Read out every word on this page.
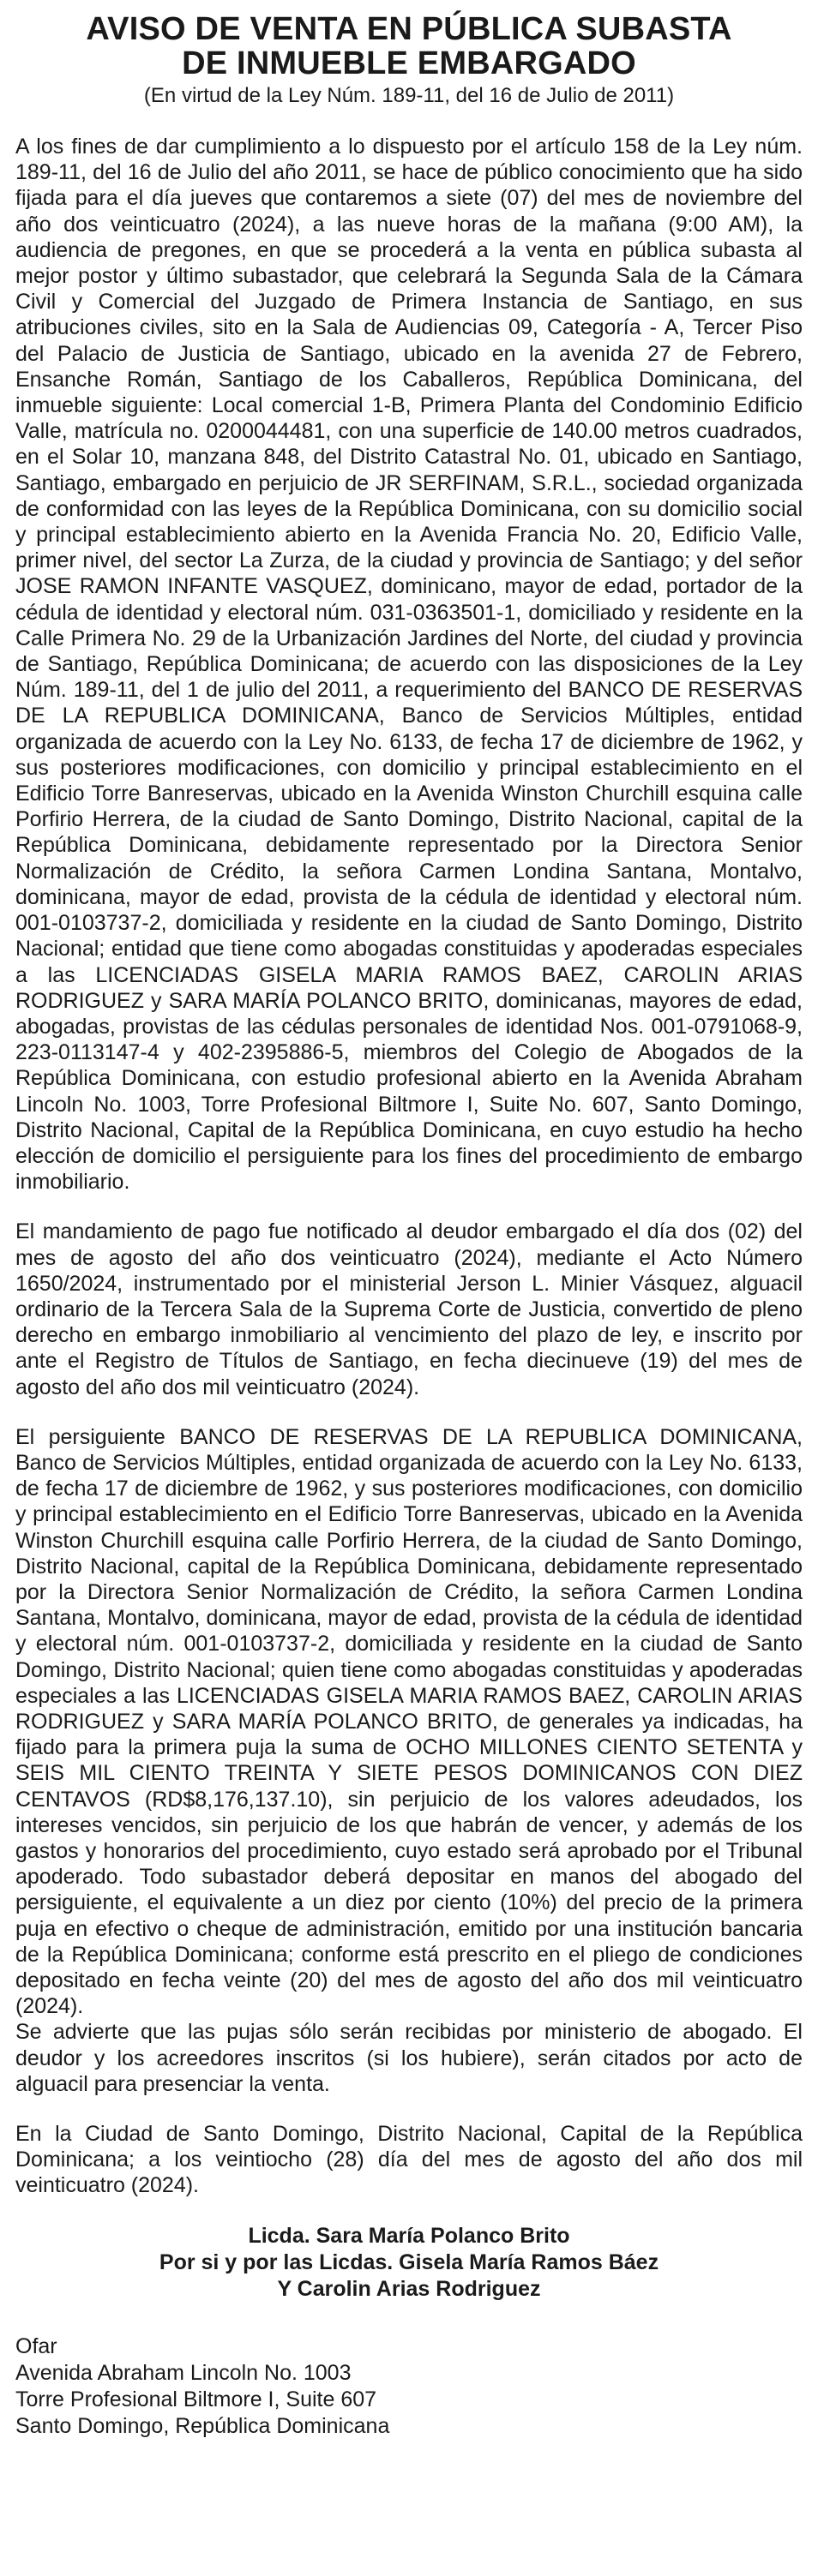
AVISO DE VENTA EN PÚBLICA SUBASTA
DE INMUEBLE EMBARGADO
(En virtud de la Ley Núm. 189-11, del 16 de Julio de 2011)

A los fines de dar cumplimiento a lo dispuesto por el artículo 158 de la Ley núm. 189-11, del 16 de Julio del año 2011, se hace de público conocimiento que ha sido fijada para el día jueves que contaremos a siete (07) del mes de noviembre del año dos veinticuatro (2024), a las nueve horas de la mañana (9:00 AM), la audiencia de pregones, en que se procederá a la venta en pública subasta al mejor postor y último subastador, que celebrará la Segunda Sala de la Cámara Civil y Comercial del Juzgado de Primera Instancia de Santiago, en sus atribuciones civiles, sito en la Sala de Audiencias 09, Categoría - A, Tercer Piso del Palacio de Justicia de Santiago, ubicado en la avenida 27 de Febrero, Ensanche Román, Santiago de los Caballeros, República Dominicana, del inmueble siguiente: Local comercial 1-B, Primera Planta del Condominio Edificio Valle, matrícula no. 0200044481, con una superficie de 140.00 metros cuadrados, en el Solar 10, manzana 848, del Distrito Catastral No. 01, ubicado en Santiago, Santiago, embargado en perjuicio de JR SERFINAM, S.R.L., sociedad organizada de conformidad con las leyes de la República Dominicana, con su domicilio social y principal establecimiento abierto en la Avenida Francia No. 20, Edificio Valle, primer nivel, del sector La Zurza, de la ciudad y provincia de Santiago; y del señor JOSE RAMON INFANTE VASQUEZ, dominicano, mayor de edad, portador de la cédula de identidad y electoral núm. 031-0363501-1, domiciliado y residente en la Calle Primera No. 29 de la Urbanización Jardines del Norte, del ciudad y provincia de Santiago, República Dominicana; de acuerdo con las disposiciones de la Ley Núm. 189-11, del 1 de julio del 2011, a requerimiento del BANCO DE RESERVAS DE LA REPUBLICA DOMINICANA, Banco de Servicios Múltiples, entidad organizada de acuerdo con la Ley No. 6133, de fecha 17 de diciembre de 1962, y sus posteriores modificaciones, con domicilio y principal establecimiento en el Edificio Torre Banreservas, ubicado en la Avenida Winston Churchill esquina calle Porfirio Herrera, de la ciudad de Santo Domingo, Distrito Nacional, capital de la República Dominicana, debidamente representado por la Directora Senior Normalización de Crédito, la señora Carmen Londina Santana, Montalvo, dominicana, mayor de edad, provista de la cédula de identidad y electoral núm. 001-0103737-2, domiciliada y residente en la ciudad de Santo Domingo, Distrito Nacional; entidad que tiene como abogadas constituidas y apoderadas especiales a las LICENCIADAS GISELA MARIA RAMOS BAEZ, CAROLIN ARIAS RODRIGUEZ y SARA MARÍA POLANCO BRITO, dominicanas, mayores de edad, abogadas, provistas de las cédulas personales de identidad Nos. 001-0791068-9, 223-0113147-4 y 402-2395886-5, miembros del Colegio de Abogados de la República Dominicana, con estudio profesional abierto en la Avenida Abraham Lincoln No. 1003, Torre Profesional Biltmore I, Suite No. 607, Santo Domingo, Distrito Nacional, Capital de la República Dominicana, en cuyo estudio ha hecho elección de domicilio el persiguiente para los fines del procedimiento de embargo inmobiliario.

El mandamiento de pago fue notificado al deudor embargado el día dos (02) del mes de agosto del año dos veinticuatro (2024), mediante el Acto Número 1650/2024, instrumentado por el ministerial Jerson L. Minier Vásquez, alguacil ordinario de la Tercera Sala de la Suprema Corte de Justicia, convertido de pleno derecho en embargo inmobiliario al vencimiento del plazo de ley, e inscrito por ante el Registro de Títulos de Santiago, en fecha diecinueve (19) del mes de agosto del año dos mil veinticuatro (2024).

El persiguiente BANCO DE RESERVAS DE LA REPUBLICA DOMINICANA, Banco de Servicios Múltiples, entidad organizada de acuerdo con la Ley No. 6133, de fecha 17 de diciembre de 1962, y sus posteriores modificaciones, con domicilio y principal establecimiento en el Edificio Torre Banreservas, ubicado en la Avenida Winston Churchill esquina calle Porfirio Herrera, de la ciudad de Santo Domingo, Distrito Nacional, capital de la República Dominicana, debidamente representado por la Directora Senior Normalización de Crédito, la señora Carmen Londina Santana, Montalvo, dominicana, mayor de edad, provista de la cédula de identidad y electoral núm. 001-0103737-2, domiciliada y residente en la ciudad de Santo Domingo, Distrito Nacional; quien tiene como abogadas constituidas y apoderadas especiales a las LICENCIADAS GISELA MARIA RAMOS BAEZ, CAROLIN ARIAS RODRIGUEZ y SARA MARÍA POLANCO BRITO, de generales ya indicadas, ha fijado para la primera puja la suma de OCHO MILLONES CIENTO SETENTA y SEIS MIL CIENTO TREINTA Y SIETE PESOS DOMINICANOS CON DIEZ CENTAVOS (RD$8,176,137.10), sin perjuicio de los valores adeudados, los intereses vencidos, sin perjuicio de los que habrán de vencer, y además de los gastos y honorarios del procedimiento, cuyo estado será aprobado por el Tribunal apoderado. Todo subastador deberá depositar en manos del abogado del persiguiente, el equivalente a un diez por ciento (10%) del precio de la primera puja en efectivo o cheque de administración, emitido por una institución bancaria de la República Dominicana; conforme está prescrito en el pliego de condiciones depositado en fecha veinte (20) del mes de agosto del año dos mil veinticuatro (2024).

Se advierte que las pujas sólo serán recibidas por ministerio de abogado. El deudor y los acreedores inscritos (si los hubiere), serán citados por acto de alguacil para presenciar la venta.

En la Ciudad de Santo Domingo, Distrito Nacional, Capital de la República Dominicana; a los veintiocho (28) día del mes de agosto del año dos mil veinticuatro (2024).

Licda. Sara María Polanco Brito
Por si y por las Licdas. Gisela María Ramos Báez
Y Carolin Arias Rodriguez
Ofar
Avenida Abraham Lincoln No. 1003
Torre Profesional Biltmore I, Suite 607
Santo Domingo, República Dominicana
